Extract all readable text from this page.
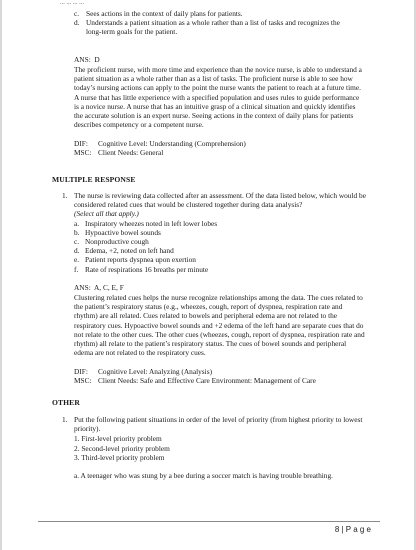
... ... ... ...
c. Sees actions in the context of daily plans for patients.
d. Understands a patient situation as a whole rather than a list of tasks and recognizes the long-term goals for the patient.
ANS:  D

The proficient nurse, with more time and experience than the novice nurse, is able to understand a patient situation as a whole rather than as a list of tasks. The proficient nurse is able to see how today’s nursing actions can apply to the point the nurse wants the patient to reach at a future time. A nurse that has little experience with a specified population and uses rules to guide performance is a novice nurse. A nurse that has an intuitive grasp of a clinical situation and quickly identifies the accurate solution is an expert nurse. Seeing actions in the context of daily plans for patients describes competency or a competent nurse.

DIF:	Cognitive Level: Understanding (Comprehension)
MSC: Client Needs: General
MULTIPLE RESPONSE
1. The nurse is reviewing data collected after an assessment. Of the data listed below, which would be considered related cues that would be clustered together during data analysis?

(Select all that apply.)

a. Inspiratory wheezes noted in left lower lobes
b. Hypoactive bowel sounds
c. Nonproductive cough
d. Edema, +2, noted on left hand
e. Patient reports dyspnea upon exertion
f. Rate of respirations 16 breaths per minute
ANS:  A, C, E, F

Clustering related cues helps the nurse recognize relationships among the data. The cues related to the patient’s respiratory status (e.g., wheezes, cough, report of dyspnea, respiration rate and rhythm) are all related. Cues related to bowels and peripheral edema are not related to the respiratory cues. Hypoactive bowel sounds and +2 edema of the left hand are separate cues that do not relate to the other cues. The other cues (wheezes, cough, report of dyspnea, respiration rate and rhythm) all relate to the patient’s respiratory status. The cues of bowel sounds and peripheral edema are not related to the respiratory cues.

DIF:	Cognitive Level: Analyzing (Analysis)
MSC: Client Needs: Safe and Effective Care Environment: Management of Care
OTHER
1. Put the following patient situations in order of the level of priority (from highest priority to lowest priority).

1. First-level priority problem

2. Second-level priority problem

3. Third-level priority problem

a. A teenager who was stung by a bee during a soccer match is having trouble breathing.

8 | P a g e
